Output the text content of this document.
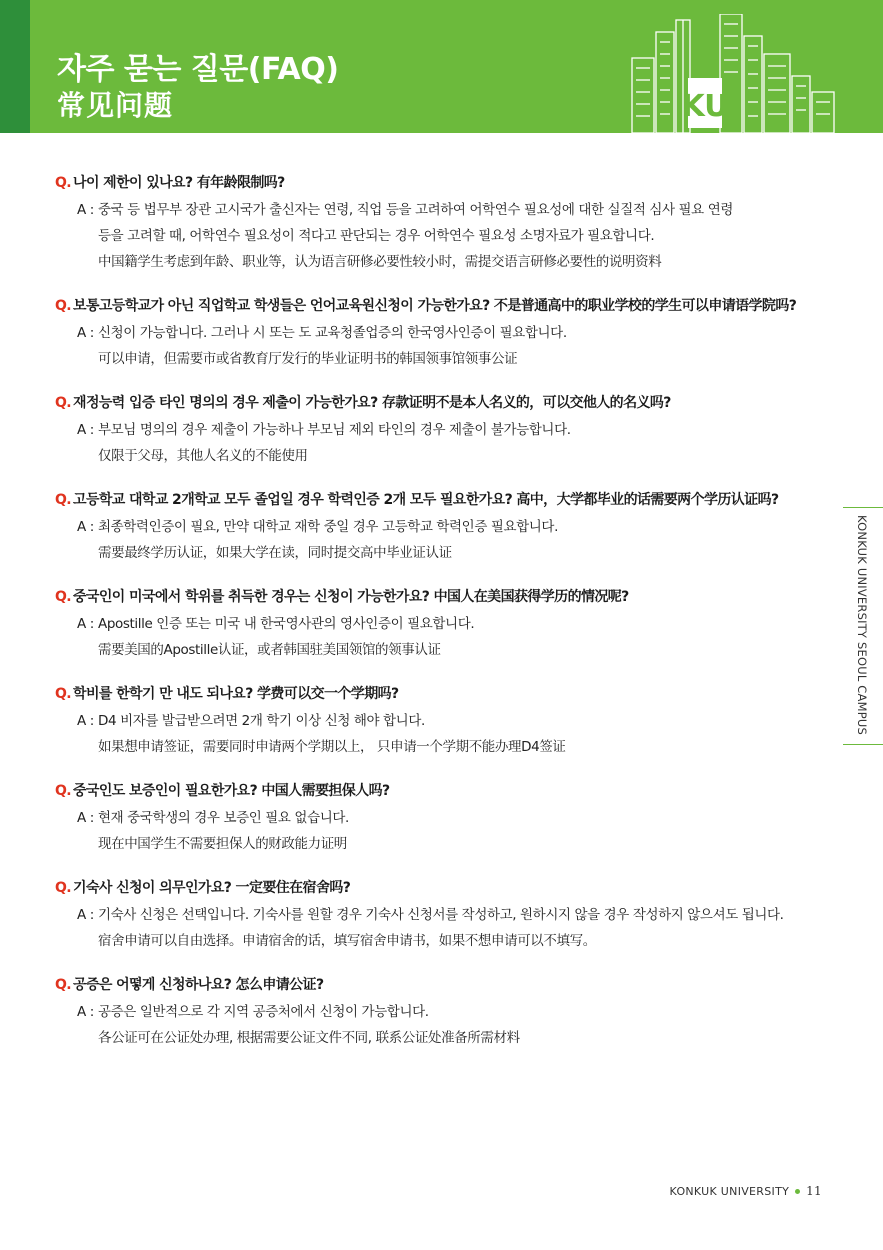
자주 묻는 질문(FAQ)
常见问题	KU
Q. 나이 제한이 있나요? 有年龄限制吗?
A : 중국 등 법무부 장관 고시국가 출신자는 연령, 직업 등을 고려하여 어학연수 필요성에 대한 실질적 심사 필요 연령
등을 고려할 때, 어학연수 필요성이 적다고 판단되는 경우 어학연수 필요성 소명자료가 필요합니다.
中国籍学生考虑到年龄、职业等，认为语言研修必要性较小时，需提交语言研修必要性的说明资料
Q. 보통고등학교가 아닌 직업학교 학생들은 언어교육원신청이 가능한가요? 不是普通高中的职业学校的学生可以申请语学院吗?
A : 신청이 가능합니다. 그러나 시 또는 도 교육청졸업증의 한국영사인증이 필요합니다.
可以申请，但需要市或省教育厅发行的毕业证明书的韩国领事馆领事公证
Q. 재정능력 입증 타인 명의의 경우 제출이 가능한가요? 存款证明不是本人名义的，可以交他人的名义吗?
A : 부모님 명의의 경우 제출이 가능하나 부모님 제외 타인의 경우 제출이 불가능합니다.
仅限于父母，其他人名义的不能使用
Q. 고등학교 대학교 2개학교 모두 졸업일 경우 학력인증 2개 모두 필요한가요? 高中，大学都毕业的话需要两个学历认证吗?
A : 최종학력인증이 필요, 만약 대학교 재학 중일 경우 고등학교 학력인증 필요합니다.
需要最终学历认证，如果大学在读，同时提交高中毕业证认证
Q. 중국인이 미국에서 학위를 취득한 경우는 신청이 가능한가요? 中国人在美国获得学历的情况呢?
A : Apostille 인증 또는 미국 내 한국영사관의 영사인증이 필요합니다.
需要美国的Apostille认证，或者韩国驻美国领馆的领事认证
Q. 학비를 한학기 만 내도 되나요? 学费可以交一个学期吗?
A : D4 비자를 발급받으려면 2개 학기 이상 신청 해야 합니다.
如果想申请签证，需要同时申请两个学期以上， 只申请一个学期不能办理D4签证
Q. 중국인도 보증인이 필요한가요? 中国人需要担保人吗?
A : 현재 중국학생의 경우 보증인 필요 없습니다.
现在中国学生不需要担保人的财政能力证明
Q. 기숙사 신청이 의무인가요? 一定要住在宿舍吗?
A : 기숙사 신청은 선택입니다. 기숙사를 원할 경우 기숙사 신청서를 작성하고, 원하시지 않을 경우 작성하지 않으셔도 됩니다.
宿舍申请可以自由选择。申请宿舍的话，填写宿舍申请书，如果不想申请可以不填写。
Q. 공증은 어떻게 신청하나요? 怎么申请公证?
A : 공증은 일반적으로 각 지역 공증처에서 신청이 가능합니다.
各公证可在公证处办理, 根据需要公证文件不同, 联系公证处准备所需材料
KONKUK UNIVERSITY SEOUL CAMPUS
KONKUK UNIVERSITY 11
